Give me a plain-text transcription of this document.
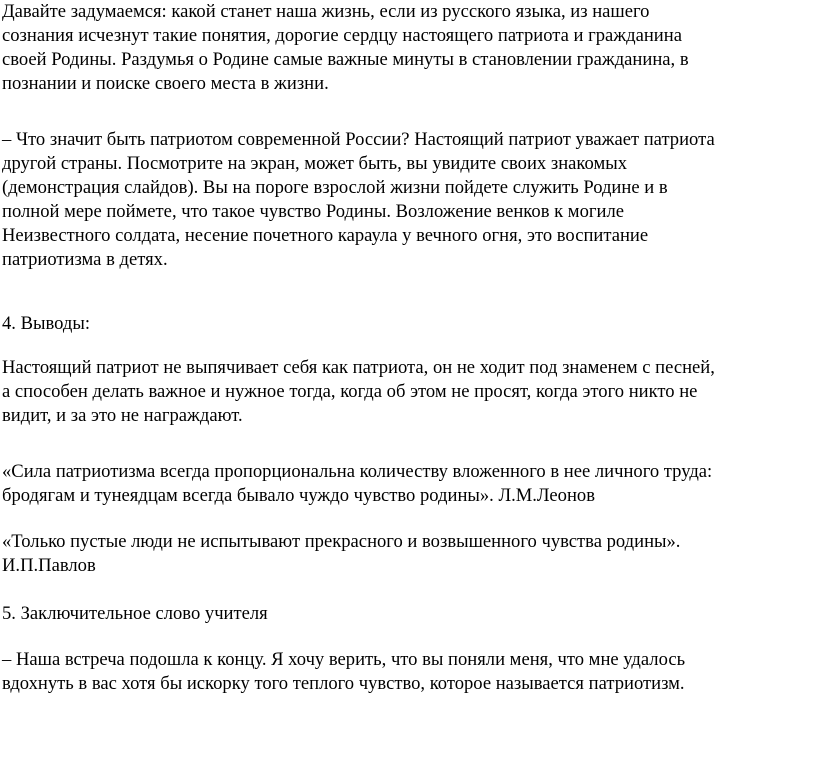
Давайте задумаемся: какой станет наша жизнь, если из русского языка, из нашего
сознания исчезнут такие понятия, дорогие сердцу настоящего патриота и гражданина
своей Родины. Раздумья о Родине самые важные минуты в становлении гражданина, в
познании и поиске своего места в жизни.

– Что значит быть патриотом современной России? Настоящий патриот уважает патриота
другой страны. Посмотрите на экран, может быть, вы увидите своих знакомых
(демонстрация слайдов). Вы на пороге взрослой жизни пойдете служить Родине и в
полной мере поймете, что такое чувство Родины. Возложение венков к могиле
Неизвестного солдата, несение почетного караула у вечного огня, это воспитание
патриотизма в детях.

4. Выводы:

Настоящий патриот не выпячивает себя как патриота, он не ходит под знаменем с песней,
а способен делать важное и нужное тогда, когда об этом не просят, когда этого никто не
видит, и за это не награждают.

«Сила патриотизма всегда пропорциональна количеству вложенного в нее личного труда:
бродягам и тунеядцам всегда бывало чуждо чувство родины». Л.М.Леонов

«Только пустые люди не испытывают прекрасного и возвышенного чувства родины».
И.П.Павлов

5. Заключительное слово учителя

– Наша встреча подошла к концу. Я хочу верить, что вы поняли меня, что мне удалось
вдохнуть в вас хотя бы искорку того теплого чувство, которое называется патриотизм.
